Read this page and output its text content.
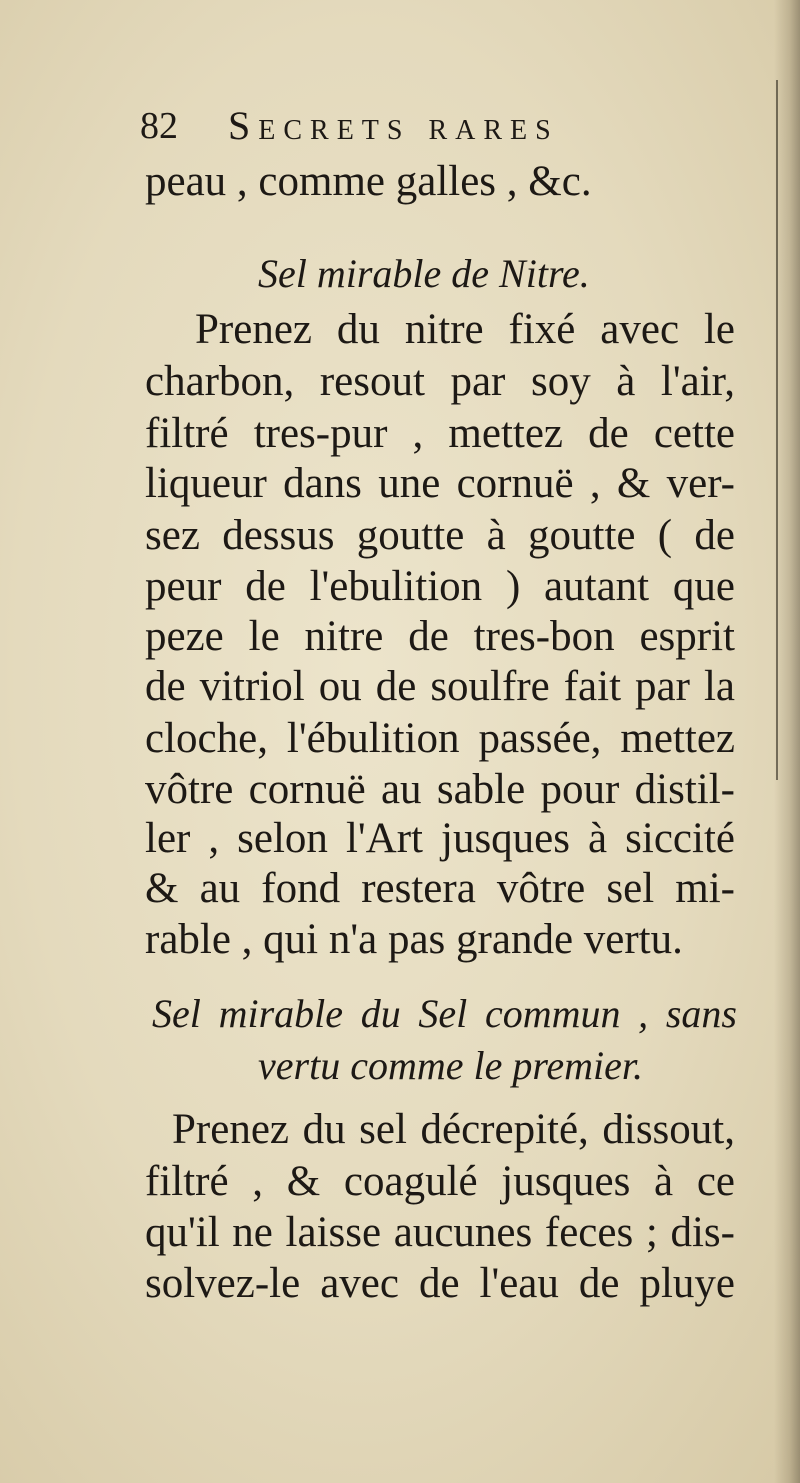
82 Secrets rares
peau , comme galles , &c.
Sel mirable de Nitre.
Prenez du nitre fixé avec le
charbon, resout par soy à l'air,
filtré tres-pur , mettez de cette
liqueur dans une cornuë , & ver-
sez dessus goutte à goutte ( de
peur de l'ebulition ) autant que
peze le nitre de tres-bon esprit
de vitriol ou de soulfre fait par la
cloche, l'ébulition passée, mettez
vôtre cornuë au sable pour distil-
ler , selon l'Art jusques à siccité
& au fond restera vôtre sel mi-
rable , qui n'a pas grande vertu.
Sel mirable du Sel commun , sans
vertu comme le premier.
Prenez du sel décrepité, dissout,
filtré , & coagulé jusques à ce
qu'il ne laisse aucunes feces ; dis-
solvez-le avec de l'eau de pluye
